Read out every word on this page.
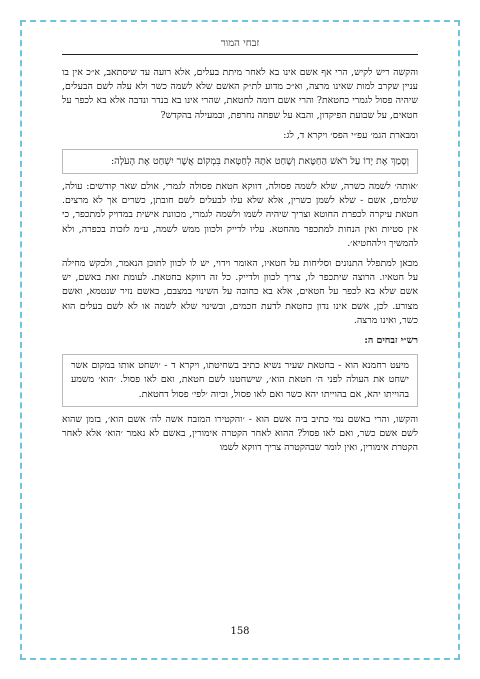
זבחי המור

והקשה ריש לקיש, הרי אף אשם אינו בא לאחר מיתת בעלים, אלא רועה עד שיסתאב, א״כ אין בו עניין שקרב למות שאינו מרצה, וא״כ מדוע לת״ק האשם שלא לשמה כשר ולא עלה לשם הבעלים, שיהיה פסול לגמרי כחטאת? והרי אשם דומה לחטאת, שהרי אינו בא בנדר ונדבה אלא בא לכפר על חטאים, על שבועת הפיקדון, והבא על שפחה נחרפת, ובמעילה בהקדש?

ומבארת הגמ׳ עפ״י הפס׳ ויקרא ד, לג:

וְסָמַךְ אֶת יָדוֹ עַל רֹאשׁ הַחַטָּאת וְשָׁחַט אֹתָהּ לְחַטָּאת בִּמְקוֹם אֲשֶׁר יִשְׁחַט אֶת הָעֹלָה:

׳אותה׳ לשמה כשרה, שלא לשמה פסולה, דווקא חטאת פסולה לגמרי, אולם שאר קודשים: עולה, שלמים, אשם - שלא לשמן כשרין, אלא שלא עלו לבעלים לשם חובתן, כשרים אך לא מרצים. חטאת עיקרה לכפרת החוטא וצריך שיהיה לשמו ולשמה לגמרי, מכוונת אישית במדויק למתכפר, כי אין סטיות ואין הנחות למתכפר מהחטא. עליו לדייק ולכוון ממש לשמה, ע״מ לזכות בכפרה, ולא להמשיך ו׳להחטיא׳.

מכאן למתפלל התנונים וסליחות על חטאיו, האומר וידוי, יש לו לכוון לתוכן הנאמר, ולבקש מחילה על חטאיו. הרוצה שיתכפר לו, צריך לכוון ולדייק. כל זה דווקא בחטאת. לעומת זאת באשם, יש אשם שלא בא לכפר על חטאים, אלא בא כחובה על השינוי במצבם, כאשם נזיר שנטמא, ואשם מצורע. לכן, אשם אינו נדון כחטאת לדעת חכמים, ובשינוי שלא לשמה או לא לשם בעלים הוא כשר, ואינו מרצה.

רש״י זבחים ה:

מיעט רחמנא הוא - בחטאת שעיר נשיא כתיב בשחיטתו, ויקרא ד - ׳ושחט אותו במקום אשר ישחט את העולה לפני ה׳ חטאת הוא׳, שישחטנו לשם חטאת, ואם לאו פסול. ׳הוא׳ משמע בהוייתו יהא, אם בהוייתו יהא כשר ואם לאו פסול, וכיוה ׳לפי׳ פסול דחטאת.

והקשו, והרי באשם נמי כתיב ביה אשם הוא - ׳והקטירו המזבח אשה לה׳ אשם הוא׳, בזמן שהוא לשם אשם כשר, ואם לאו פסול? ההוא לאחר הקטרה אימורין, באשם לא נאמר ׳הוא׳ אלא לאחר הקטרת אימורין, ואין לומר שבהקטרה צריך דווקא לשמו

158
